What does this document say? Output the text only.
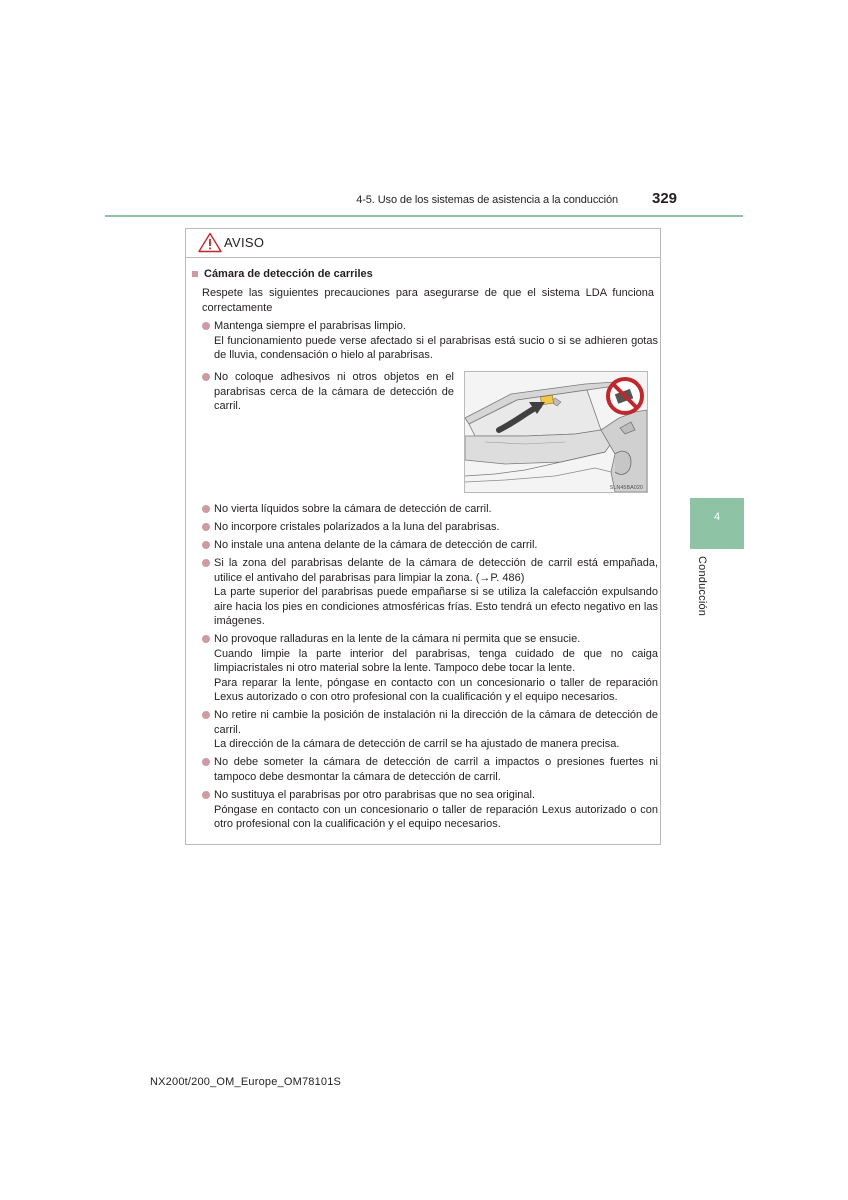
4-5. Uso de los sistemas de asistencia a la conducción 329
4
Conducción
AVISO
Cámara de detección de carriles
Respete las siguientes precauciones para asegurarse de que el sistema LDA funciona correctamente
Mantenga siempre el parabrisas limpio.
El funcionamiento puede verse afectado si el parabrisas está sucio o si se adhieren gotas de lluvia, condensación o hielo al parabrisas.
No coloque adhesivos ni otros objetos en el parabrisas cerca de la cámara de detección de carril.
SLN45BA020
No vierta líquidos sobre la cámara de detección de carril.
No incorpore cristales polarizados a la luna del parabrisas.
No instale una antena delante de la cámara de detección de carril.
Si la zona del parabrisas delante de la cámara de detección de carril está empañada, utilice el antivaho del parabrisas para limpiar la zona. (→P. 486)
La parte superior del parabrisas puede empañarse si se utiliza la calefacción expulsando aire hacia los pies en condiciones atmosféricas frías. Esto tendrá un efecto negativo en las imágenes.
No provoque ralladuras en la lente de la cámara ni permita que se ensucie.
Cuando limpie la parte interior del parabrisas, tenga cuidado de que no caiga limpiacristales ni otro material sobre la lente. Tampoco debe tocar la lente.
Para reparar la lente, póngase en contacto con un concesionario o taller de reparación Lexus autorizado o con otro profesional con la cualificación y el equipo necesarios.
No retire ni cambie la posición de instalación ni la dirección de la cámara de detección de carril.
La dirección de la cámara de detección de carril se ha ajustado de manera precisa.
No debe someter la cámara de detección de carril a impactos o presiones fuertes ni tampoco debe desmontar la cámara de detección de carril.
No sustituya el parabrisas por otro parabrisas que no sea original.
Póngase en contacto con un concesionario o taller de reparación Lexus autorizado o con otro profesional con la cualificación y el equipo necesarios.
NX200t/200_OM_Europe_OM78101S
